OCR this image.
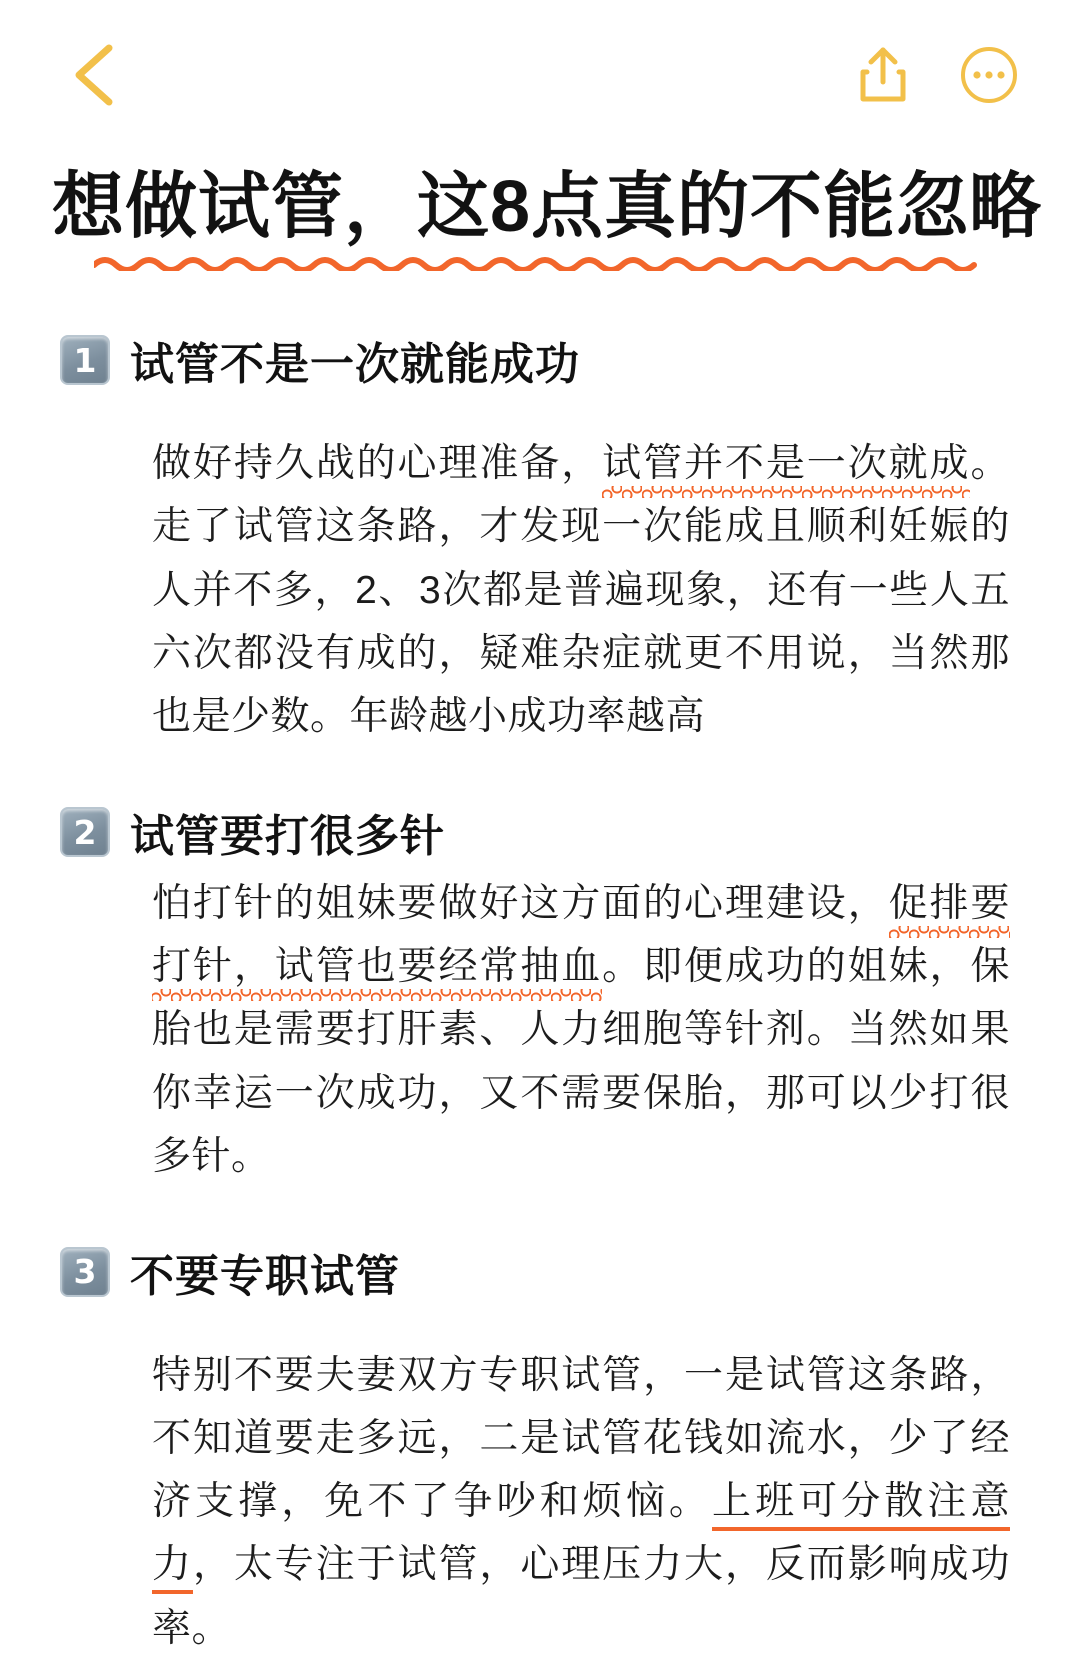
想做试管，这8点真的不能忽略
1 试管不是一次就能成功
做好持久战的心理准备，试管并不是一次就成。走了试管这条路，才发现一次能成且顺利妊娠的人并不多，2、3次都是普遍现象，还有一些人五六次都没有成的，疑难杂症就更不用说，当然那也是少数。年龄越小成功率越高
2 试管要打很多针
怕打针的姐妹要做好这方面的心理建设，促排要打针，试管也要经常抽血。即便成功的姐妹，保胎也是需要打肝素、人力细胞等针剂。当然如果你幸运一次成功，又不需要保胎，那可以少打很多针。
3 不要专职试管
特别不要夫妻双方专职试管，一是试管这条路，不知道要走多远，二是试管花钱如流水，少了经济支撑，免不了争吵和烦恼。上班可分散注意力，太专注于试管，心理压力大，反而影响成功率。
